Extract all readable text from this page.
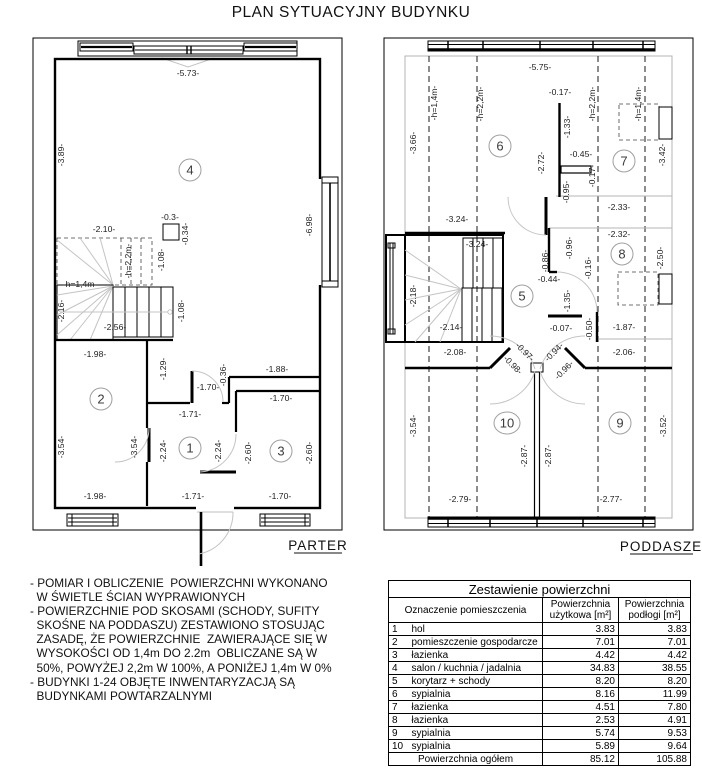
PLAN SYTUACYJNY BUDYNKU
-5.73-
-3.89-
-6.98-
-0.3-
-0.34-
-2.10-
-h=2,2m-	-1.08-
-h=1,4m-
-2.16-
-2.56-
-1.08-
-1.98-
-1.29-	-0.36-	-1.88-
-1.70-
-1.70-
-1.71-
-3.54-	-3.54- -2.24-	-2.24- -2.60-	-2.60-
-1.98-	-1.71-	-1.70-
4
2
1	3
PARTER
-5.75-
-3.66-
-h=1,4m-	-h=2,2m-	-0.17- -h=2,2m-	-h=1,4m-
-3.42-
-1.33-
-2.72-	-0.45-
-0.17-
-0.95-
-2.33-
-3.24-
-3.24-
-2.18-
-2.14-
-0.86-
-0.96-
-0.44-	-0.16-
-1.35-
-2.32-
-2.50-
-0.50-
-0.07-	-1.87-
-2.08-	-2.06-
-0.97- -0.94-
-0.98-	-0.96-
-3.54-	-3.52-
-2.87- -2.87-
-2.79-	-2.77-
6
7
8
5
10	9
PODDASZE
- POMIAR I OBLICZENIE  POWIERZCHNI WYKONANO
W ŚWIETLE ŚCIAN WYPRAWIONYCH
- POWIERZCHNIE POD SKOSAMI (SCHODY, SUFITY
SKOŚNE NA PODDASZU) ZESTAWIONO STOSUJĄC
ZASADĘ, ŻE POWIERZCHNIE  ZAWIERAJĄCE SIĘ W
WYSOKOŚCI OD 1,4m DO 2.2m  OBLICZANE SĄ W
50%, POWYŻEJ 2,2m W 100%, A PONIŻEJ 1,4m W 0%
- BUDYNKI 1-24 OBJĘTE INWENTARYZACJĄ SĄ
BUDYNKAMI POWTARZALNYMI
Zestawienie powierzchni			
Oznaczenie pomieszczenia		Powierzchnia użytkowa [m²]	Powierzchnia podłogi [m²]
1	hol	3.83	3.83
2	pomieszczenie gospodarcze	7.01	7.01
3	łazienka	4.42	4.42
4	salon / kuchnia / jadalnia	34.83	38.55
5	korytarz + schody	8.20	8.20
6	sypialnia	8.16	11.99
7	łazienka	4.51	7.80
8	łazienka	2.53	4.91
9	sypialnia	5.74	9.53
10	sypialnia	5.89	9.64
Powierzchnia ogółem		85.12	105.88
